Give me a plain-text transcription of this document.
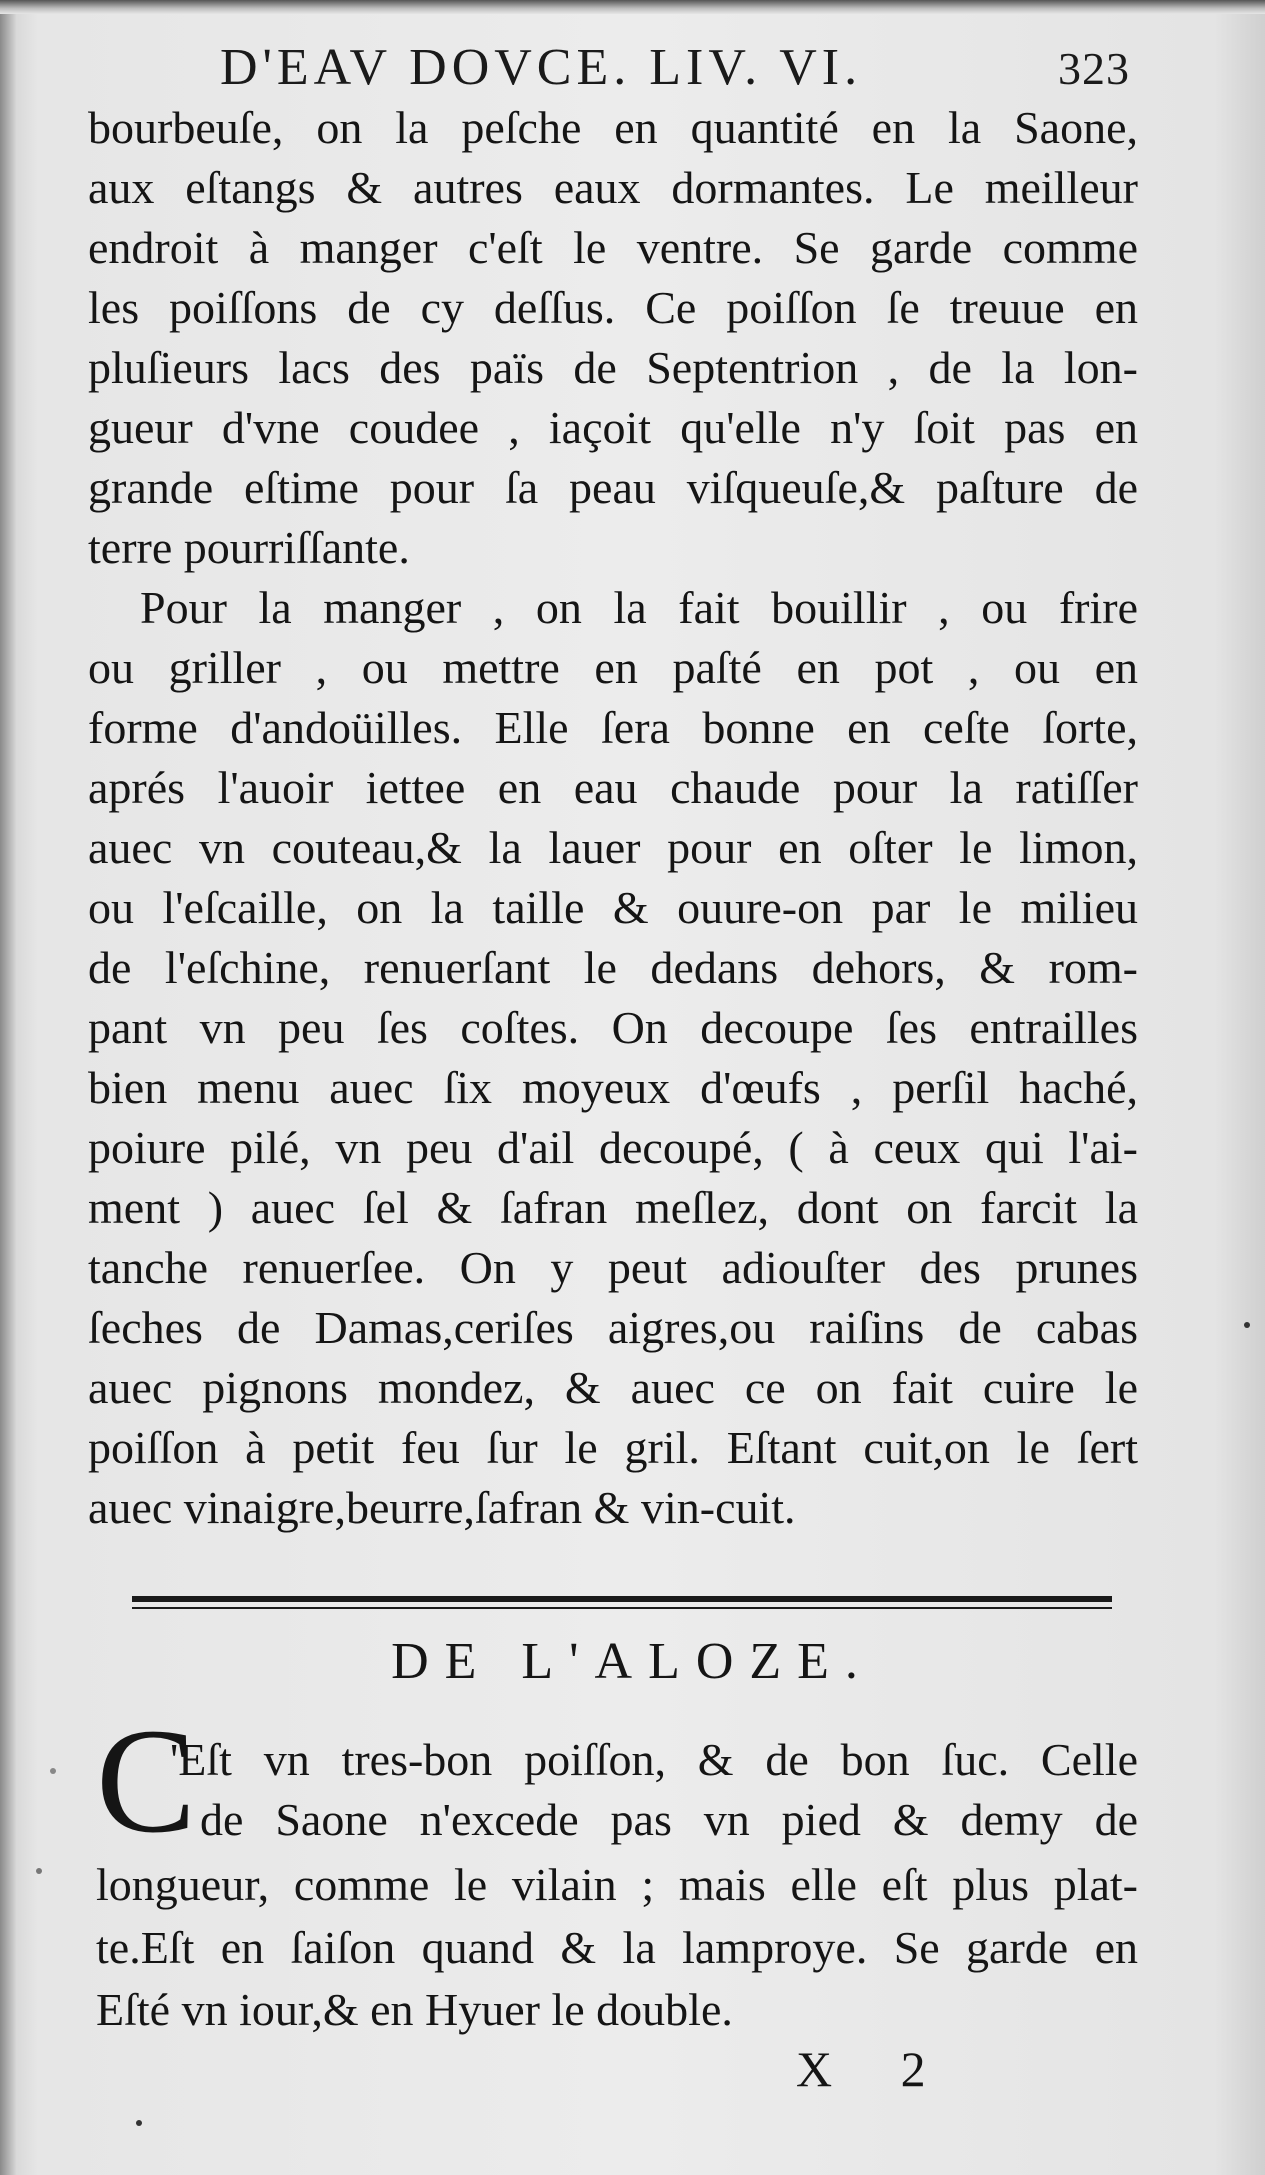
D'EAV DOVCE. LIV. VI.	323
bourbeuſe, on la peſche en quantité en la Saone,
aux eſtangs & autres eaux dormantes. Le meilleur
endroit à manger c'eſt le ventre. Se garde comme
les poiſſons de cy deſſus. Ce poiſſon ſe treuue en
pluſieurs lacs des païs de Septentrion , de la lon-
gueur d'vne coudee , iaçoit qu'elle n'y ſoit pas en
grande eſtime pour ſa peau viſqueuſe,& paſture de
terre pourriſſante.
Pour la manger , on la fait bouillir , ou frire
ou griller , ou mettre en paſté en pot , ou en
forme d'andoüilles. Elle ſera bonne en ceſte ſorte,
aprés l'auoir iettee en eau chaude pour la ratiſſer
auec vn couteau,& la lauer pour en oſter le limon,
ou l'eſcaille, on la taille & ouure-on par le milieu
de l'eſchine, renuerſant le dedans dehors, & rom-
pant vn peu ſes coſtes. On decoupe ſes entrailles
bien menu auec ſix moyeux d'œufs , perſil haché,
poiure pilé, vn peu d'ail decoupé, ( à ceux qui l'ai-
ment ) auec ſel & ſafran meſlez, dont on farcit la
tanche renuerſee. On y peut adiouſter des prunes
ſeches de Damas,ceriſes aigres,ou raiſins de cabas
auec pignons mondez, & auec ce on fait cuire le
poiſſon à petit feu ſur le gril. Eſtant cuit,on le ſert
auec vinaigre,beurre,ſafran & vin-cuit.
DE L'ALOZE.
C
'Eſt vn tres-bon poiſſon, & de bon ſuc. Celle
de Saone n'excede pas vn pied & demy de
longueur, comme le vilain ; mais elle eſt plus plat-
te.Eſt en ſaiſon quand & la lamproye. Se garde en
Eſté vn iour,& en Hyuer le double.
X 2
